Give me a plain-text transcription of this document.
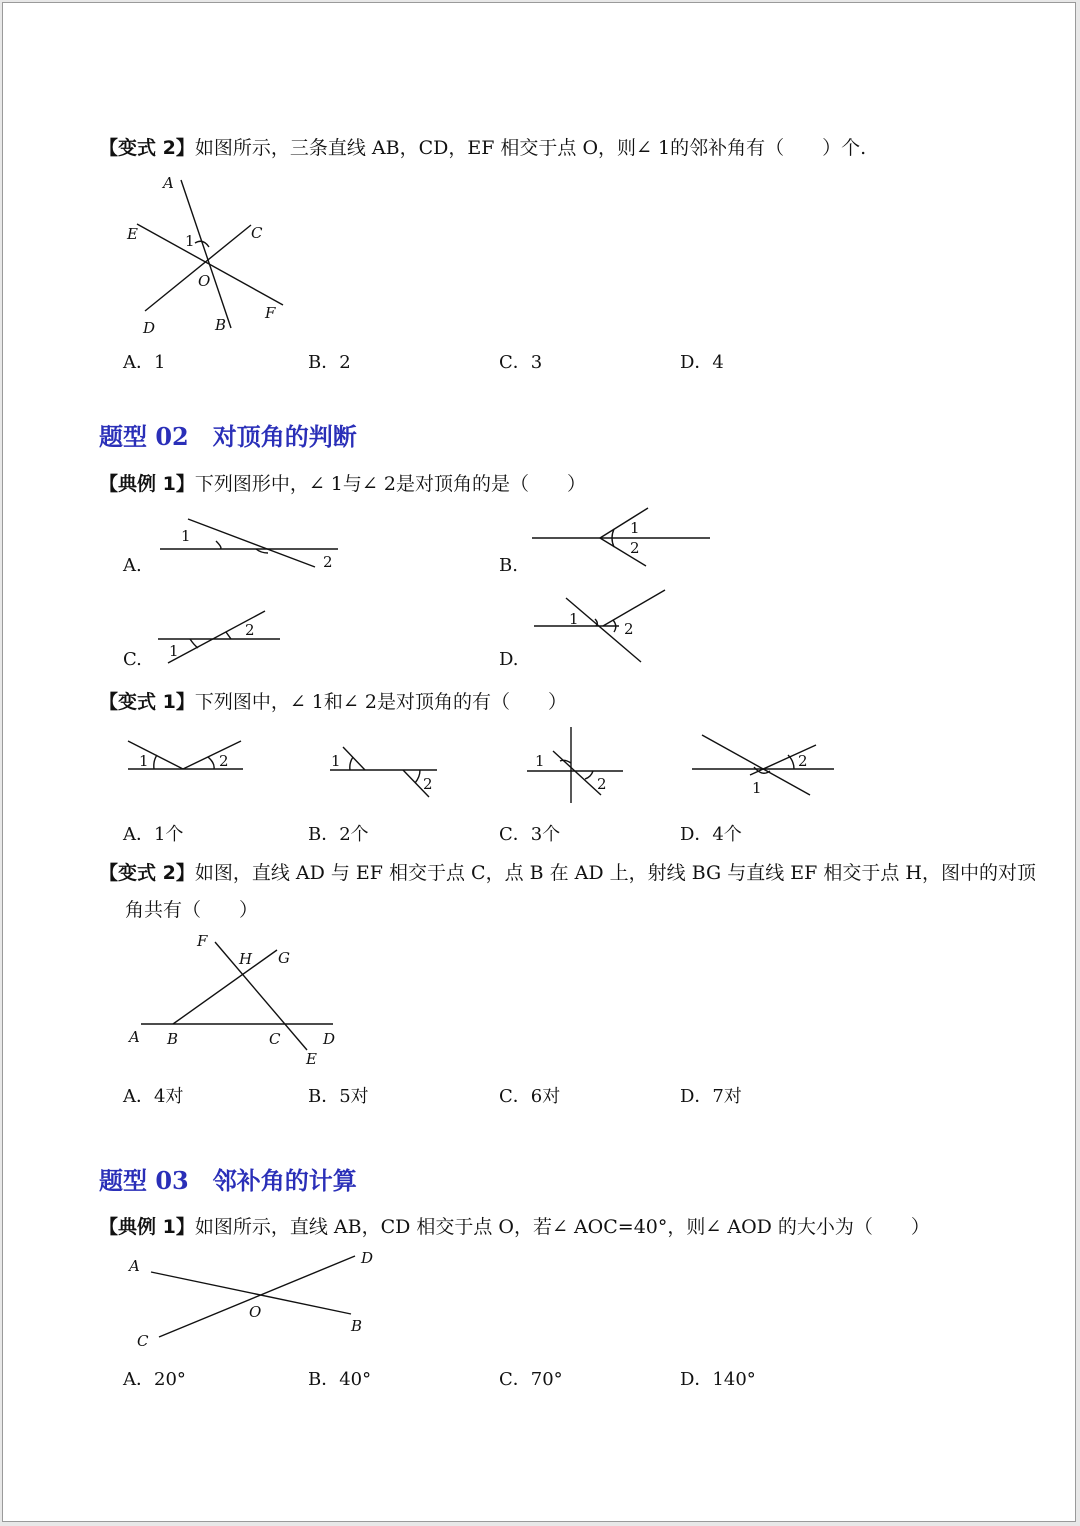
【变式 2】如图所示，三条直线 AB，CD，EF 相交于点 O，则∠ 1的邻补角有（　　）个.
A
B
C
D
E
F
O
1
A．1	B．2	C．3	D．4
题型 02　对顶角的判断
【典例 1】下列图形中，∠ 1与∠ 2是对顶角的是（　　）
A.
1
2	B.
1
2
C. 1
2
D.
1
2
【变式 1】下列图中，∠ 1和∠ 2是对顶角的有（　　）
1	2	1
2
1
2	1
2
A．1个	B．2个	C．3个	D．4个
【变式 2】如图，直线 AD 与 EF 相交于点 C，点 B 在 AD 上，射线 BG 与直线 EF 相交于点 H，图中的对顶
角共有（　　）
F
H G
A B	C	D
E
A．4对	B．5对	C．6对	D．7对
题型 03　邻补角的计算
【典例 1】如图所示，直线 AB，CD 相交于点 O，若∠ AOC=40°，则∠ AOD 的大小为（　　）
A	D
O
B
C
A．20°	B．40°	C．70°	D．140°
